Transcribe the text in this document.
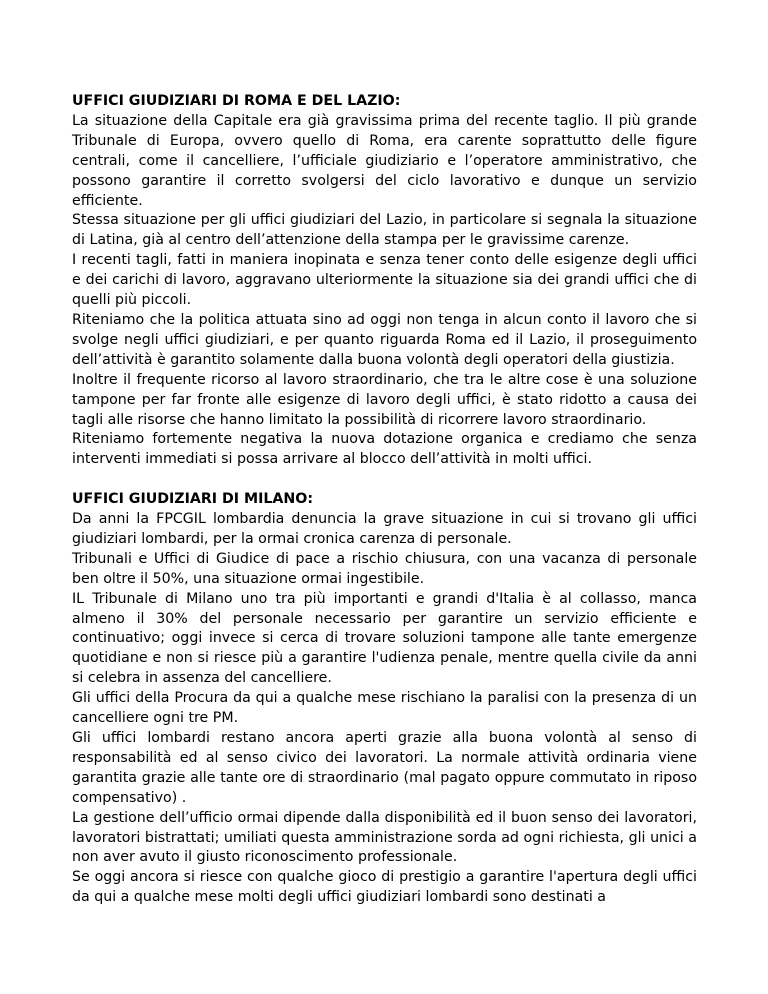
UFFICI GIUDIZIARI DI ROMA E DEL LAZIO:

La situazione della Capitale era già gravissima prima del recente taglio. Il più grande Tribunale di Europa, ovvero quello di Roma, era carente soprattutto delle figure centrali, come il cancelliere, l’ufficiale giudiziario e l’operatore amministrativo, che possono garantire il corretto svolgersi del ciclo lavorativo e dunque un servizio efficiente.

Stessa situazione per gli uffici giudiziari del Lazio, in particolare si segnala la situazione di Latina, già al centro dell’attenzione della stampa per le gravissime carenze.

I recenti tagli, fatti in maniera inopinata e senza tener conto delle esigenze degli uffici e dei carichi di lavoro, aggravano ulteriormente la situazione sia dei grandi uffici che di quelli più piccoli.

Riteniamo che la politica attuata sino ad oggi non tenga in alcun conto il lavoro che si svolge negli uffici giudiziari, e per quanto riguarda Roma ed il Lazio, il proseguimento dell’attività è garantito solamente dalla buona volontà degli operatori della giustizia.

Inoltre il frequente ricorso al lavoro straordinario, che tra le altre cose è una soluzione tampone per far fronte alle esigenze di lavoro degli uffici, è stato ridotto a causa dei tagli alle risorse che hanno limitato la possibilità di ricorrere lavoro straordinario.

Riteniamo fortemente negativa la nuova dotazione organica e crediamo che senza interventi immediati si possa arrivare al blocco dell’attività in molti uffici.

UFFICI GIUDIZIARI DI MILANO:

Da anni la FPCGIL lombardia denuncia la grave situazione in cui si trovano gli uffici giudiziari lombardi, per la ormai cronica carenza di personale.

Tribunali e Uffici di Giudice di pace a rischio chiusura, con una vacanza di personale ben oltre il 50%, una situazione ormai ingestibile.

IL Tribunale di Milano uno tra più importanti e grandi d'Italia è al collasso, manca almeno il 30% del personale necessario per garantire un servizio efficiente e continuativo; oggi invece si cerca di trovare soluzioni tampone alle tante emergenze quotidiane e non si riesce più a garantire l'udienza penale, mentre quella civile da anni si celebra in assenza del cancelliere.

Gli uffici della Procura da qui a qualche mese rischiano la paralisi con la presenza di un cancelliere ogni tre PM.

Gli uffici lombardi restano ancora aperti grazie alla buona volontà al senso di responsabilità ed al senso civico dei lavoratori. La normale attività ordinaria viene garantita grazie alle tante ore di straordinario (mal pagato oppure commutato in riposo compensativo) .

La gestione dell’ufficio ormai dipende dalla disponibilità ed il buon senso dei lavoratori, lavoratori bistrattati; umiliati questa amministrazione sorda ad ogni richiesta, gli unici a non aver avuto il giusto riconoscimento professionale.

Se oggi ancora si riesce con qualche gioco di prestigio a garantire l'apertura degli uffici da qui a qualche mese molti degli uffici giudiziari lombardi sono destinati a
